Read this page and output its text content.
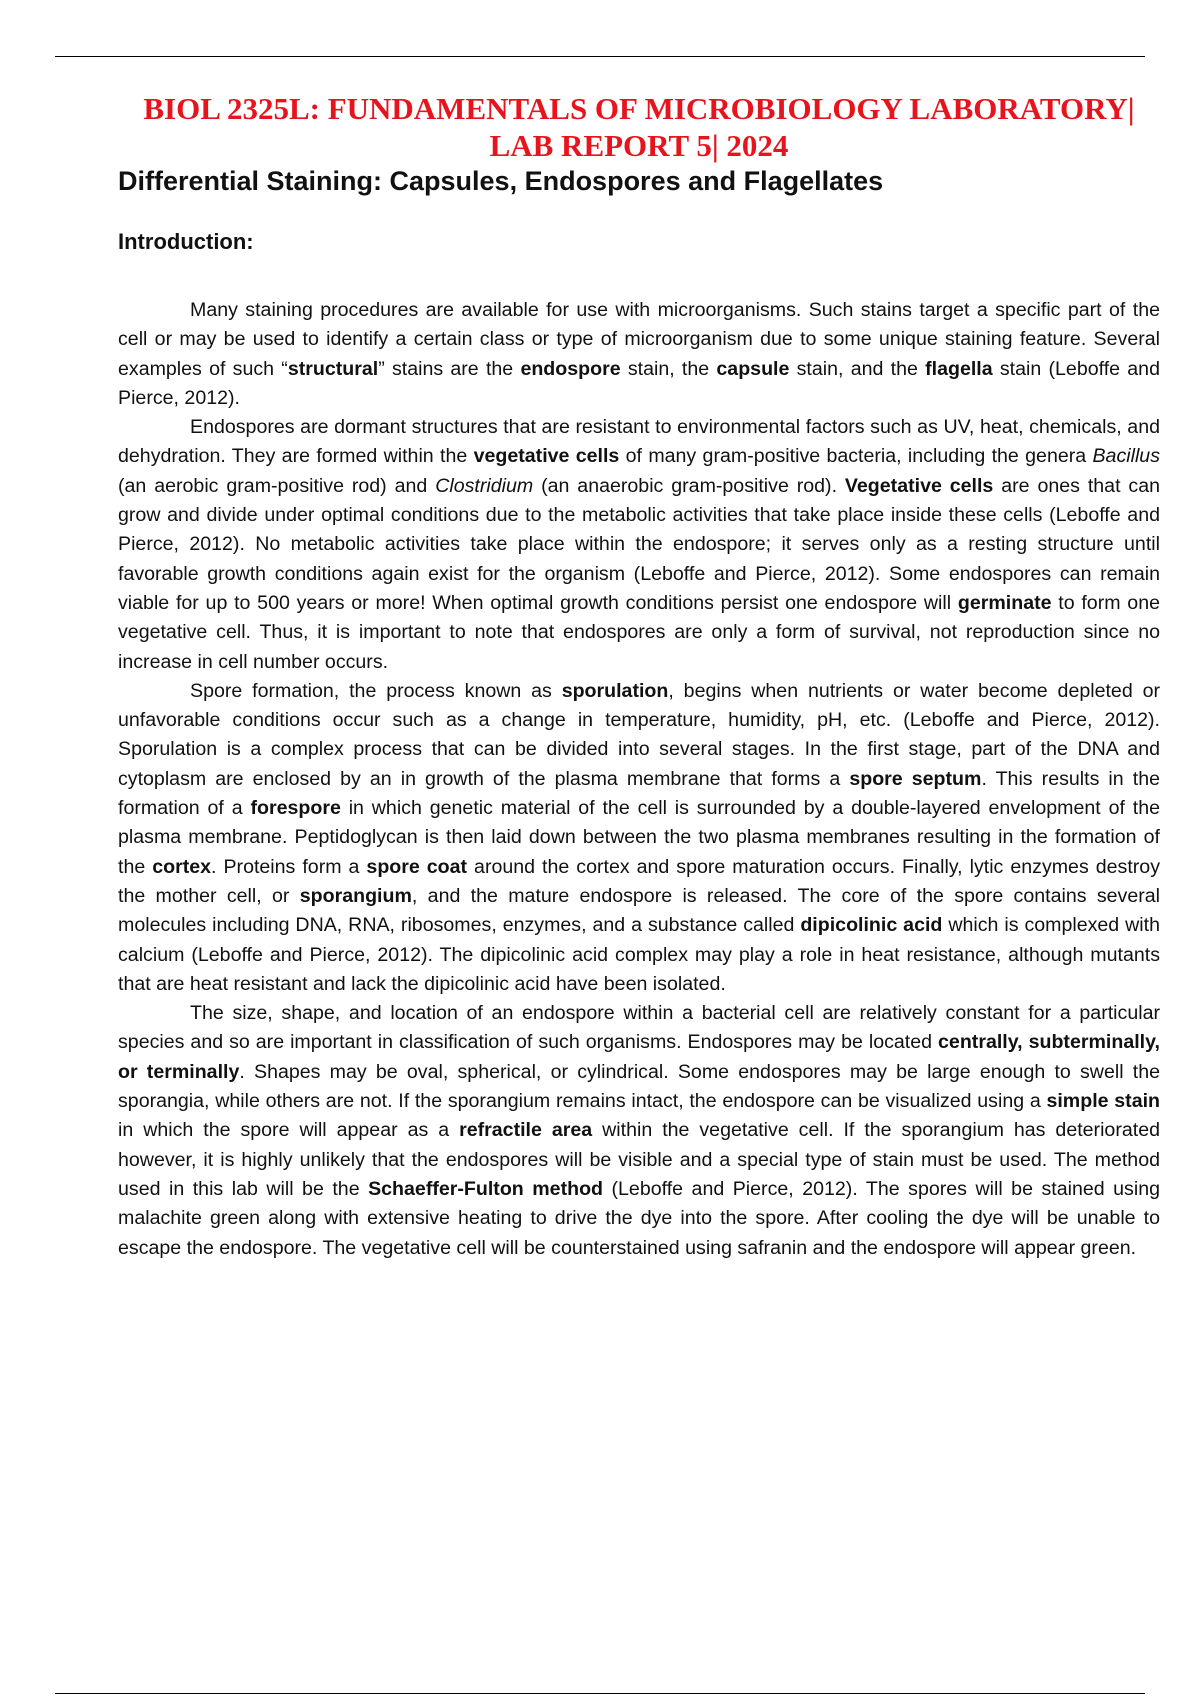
BIOL 2325L: FUNDAMENTALS OF MICROBIOLOGY LABORATORY|
LAB REPORT 5| 2024
Differential Staining: Capsules, Endospores and Flagellates
Introduction:

Many staining procedures are available for use with microorganisms. Such stains target a specific part of the cell or may be used to identify a certain class or type of microorganism due to some unique staining feature. Several examples of such “structural” stains are the endospore stain, the capsule stain, and the flagella stain (Leboffe and Pierce, 2012).

Endospores are dormant structures that are resistant to environmental factors such as UV, heat, chemicals, and dehydration. They are formed within the vegetative cells of many gram-positive bacteria, including the genera Bacillus (an aerobic gram-positive rod) and Clostridium (an anaerobic gram-positive rod). Vegetative cells are ones that can grow and divide under optimal conditions due to the metabolic activities that take place inside these cells (Leboffe and Pierce, 2012). No metabolic activities take place within the endospore; it serves only as a resting structure until favorable growth conditions again exist for the organism (Leboffe and Pierce, 2012). Some endospores can remain viable for up to 500 years or more! When optimal growth conditions persist one endospore will germinate to form one vegetative cell. Thus, it is important to note that endospores are only a form of survival, not reproduction since no increase in cell number occurs.

Spore formation, the process known as sporulation, begins when nutrients or water become depleted or unfavorable conditions occur such as a change in temperature, humidity, pH, etc. (Leboffe and Pierce, 2012). Sporulation is a complex process that can be divided into several stages. In the first stage, part of the DNA and cytoplasm are enclosed by an in growth of the plasma membrane that forms a spore septum. This results in the formation of a forespore in which genetic material of the cell is surrounded by a double-layered envelopment of the plasma membrane. Peptidoglycan is then laid down between the two plasma membranes resulting in the formation of the cortex. Proteins form a spore coat around the cortex and spore maturation occurs. Finally, lytic enzymes destroy the mother cell, or sporangium, and the mature endospore is released. The core of the spore contains several molecules including DNA, RNA, ribosomes, enzymes, and a substance called dipicolinic acid which is complexed with calcium (Leboffe and Pierce, 2012). The dipicolinic acid complex may play a role in heat resistance, although mutants that are heat resistant and lack the dipicolinic acid have been isolated.

The size, shape, and location of an endospore within a bacterial cell are relatively constant for a particular species and so are important in classification of such organisms. Endospores may be located centrally, subterminally, or terminally. Shapes may be oval, spherical, or cylindrical. Some endospores may be large enough to swell the sporangia, while others are not. If the sporangium remains intact, the endospore can be visualized using a simple stain in which the spore will appear as a refractile area within the vegetative cell. If the sporangium has deteriorated however, it is highly unlikely that the endospores will be visible and a special type of stain must be used. The method used in this lab will be the Schaeffer-Fulton method (Leboffe and Pierce, 2012). The spores will be stained using malachite green along with extensive heating to drive the dye into the spore. After cooling the dye will be unable to escape the endospore. The vegetative cell will be counterstained using safranin and the endospore will appear green.
